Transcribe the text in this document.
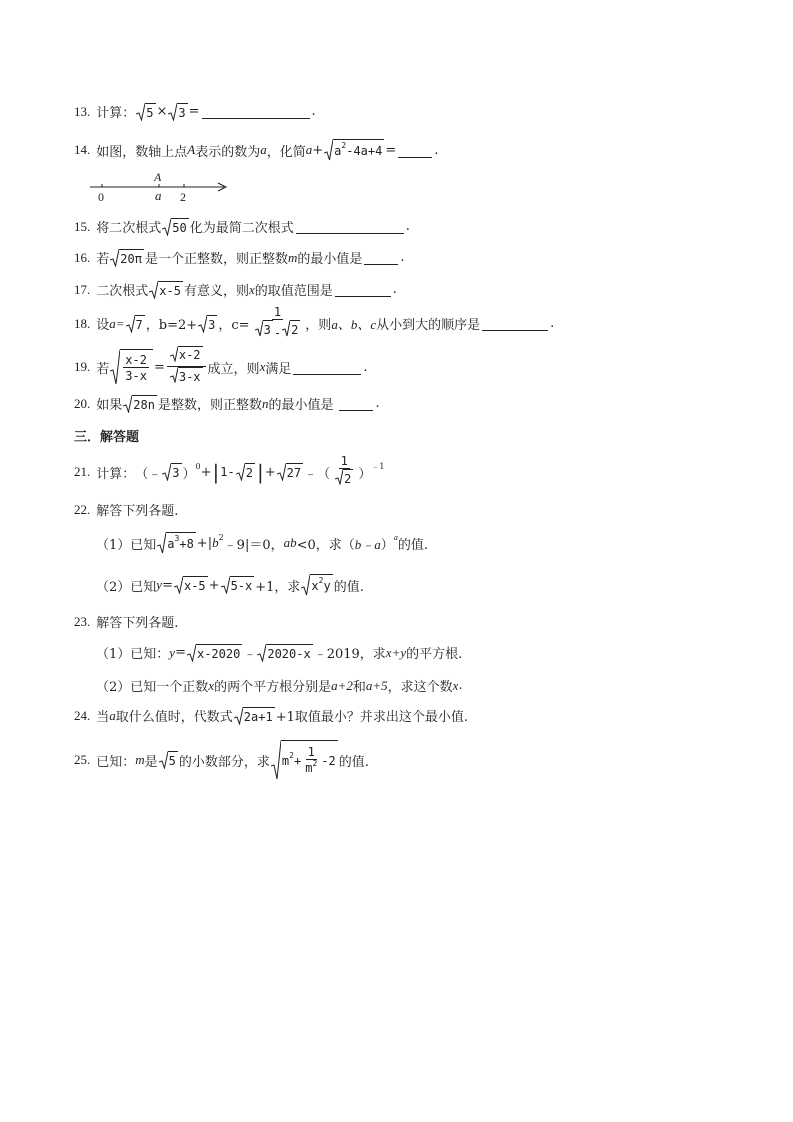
13. 计算： 5 × 3 =	.
14. 如图，数轴上点 A 表示的数为 a ，化简 a + a 2 -4a+4 =	.
A
0	a 2
15. 将二次根式 50 化为最简二次根式	.
16. 若 20π 是一个正整数，则正整数 m 的最小值是	.
17. 二次根式 x-5 有意义，则 x 的取值范围是	.
18. 设 a= 7 ，b=2+ 3 ，$c= \frac{1}{3 - 2}$ ，则 a、b、c 从小到大的顺序是	.
19. 若 $\frac{x-2}{3-x} = \frac{x-2}{3-x}$ 成立，则 x 满足	.
20. 如果 28n 是整数，则正整数 n 的最小值是	.
三．解答题
21. 计算： （﹣ 3 ）
0 + | 1- 2 | + 27 ﹣ （ $\frac{1}{2}$ ）
﹣1
22. 解答下列各题.
（1）已知 a 3 +8 +| b 2
﹣9|＝0， ab <0，求（ b﹣a ）
a
的值.
（2）已知 y = x-5 + 5-x +1，求 x 2 y 的值.
23. 解答下列各题.
（1）已知： y = x-2020 ﹣ 2020-x ﹣2019，求 x+y 的平方根.
（2）已知一个正数 x 的两个平方根分别是 a+2 和 a+5 ，求这个数 x .
24. 当 a 取什么值时，代数式 2a+1 +1取值最小？并求出这个最小值.
25. 已知： m 是 5 的小数部分，求 m $2 + \frac{1}{m^2} -2$ 的值.
